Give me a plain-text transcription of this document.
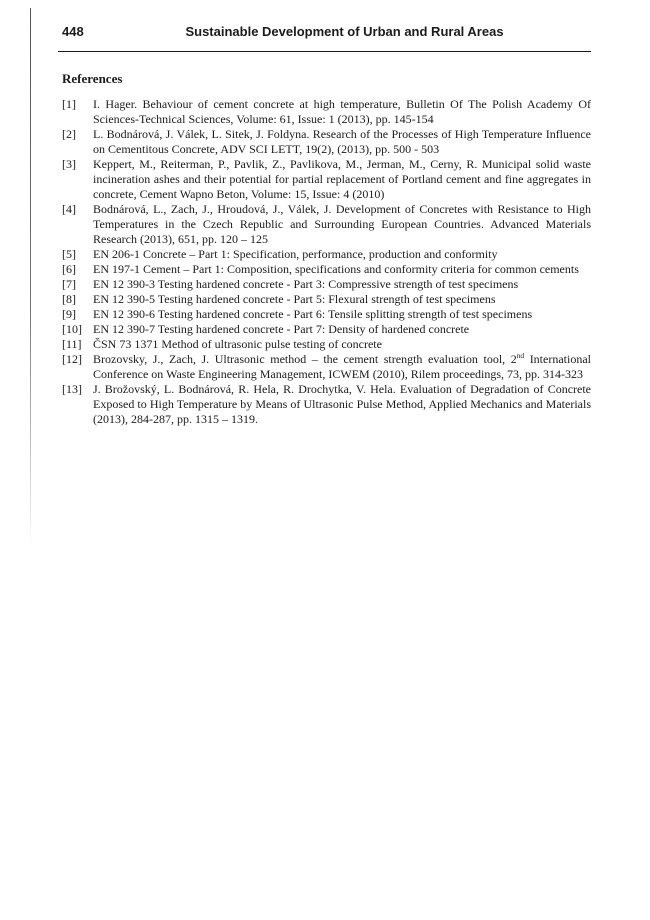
448	Sustainable Development of Urban and Rural Areas
References
[1] I. Hager. Behaviour of cement concrete at high temperature, Bulletin Of The Polish Academy Of Sciences-Technical Sciences, Volume: 61, Issue: 1 (2013), pp. 145-154
[2] L. Bodnárová, J. Válek, L. Sitek, J. Foldyna. Research of the Processes of High Temperature Influence on Cementitous Concrete, ADV SCI LETT, 19(2), (2013), pp. 500 - 503
[3] Keppert, M., Reiterman, P., Pavlik, Z., Pavlikova, M., Jerman, M., Cerny, R. Municipal solid waste incineration ashes and their potential for partial replacement of Portland cement and fine aggregates in concrete, Cement Wapno Beton, Volume: 15, Issue: 4 (2010)
[4] Bodnárová, L., Zach, J., Hroudová, J., Válek, J. Development of Concretes with Resistance to High Temperatures in the Czech Republic and Surrounding European Countries. Advanced Materials Research (2013), 651, pp. 120 – 125
[5] EN 206-1 Concrete – Part 1: Specification, performance, production and conformity
[6] EN 197-1 Cement – Part 1: Composition, specifications and conformity criteria for common cements
[7] EN 12 390-3 Testing hardened concrete - Part 3: Compressive strength of test specimens
[8] EN 12 390-5 Testing hardened concrete - Part 5: Flexural strength of test specimens
[9] EN 12 390-6 Testing hardened concrete - Part 6: Tensile splitting strength of test specimens
[10] EN 12 390-7 Testing hardened concrete - Part 7: Density of hardened concrete
[11] ČSN 73 1371 Method of ultrasonic pulse testing of concrete
[12] Brozovsky, J., Zach, J. Ultrasonic method – the cement strength evaluation tool, 2nd International Conference on Waste Engineering Management, ICWEM (2010), Rilem proceedings, 73, pp. 314-323
[13] J. Brožovský, L. Bodnárová, R. Hela, R. Drochytka, V. Hela. Evaluation of Degradation of Concrete Exposed to High Temperature by Means of Ultrasonic Pulse Method, Applied Mechanics and Materials (2013), 284-287, pp. 1315 – 1319.
